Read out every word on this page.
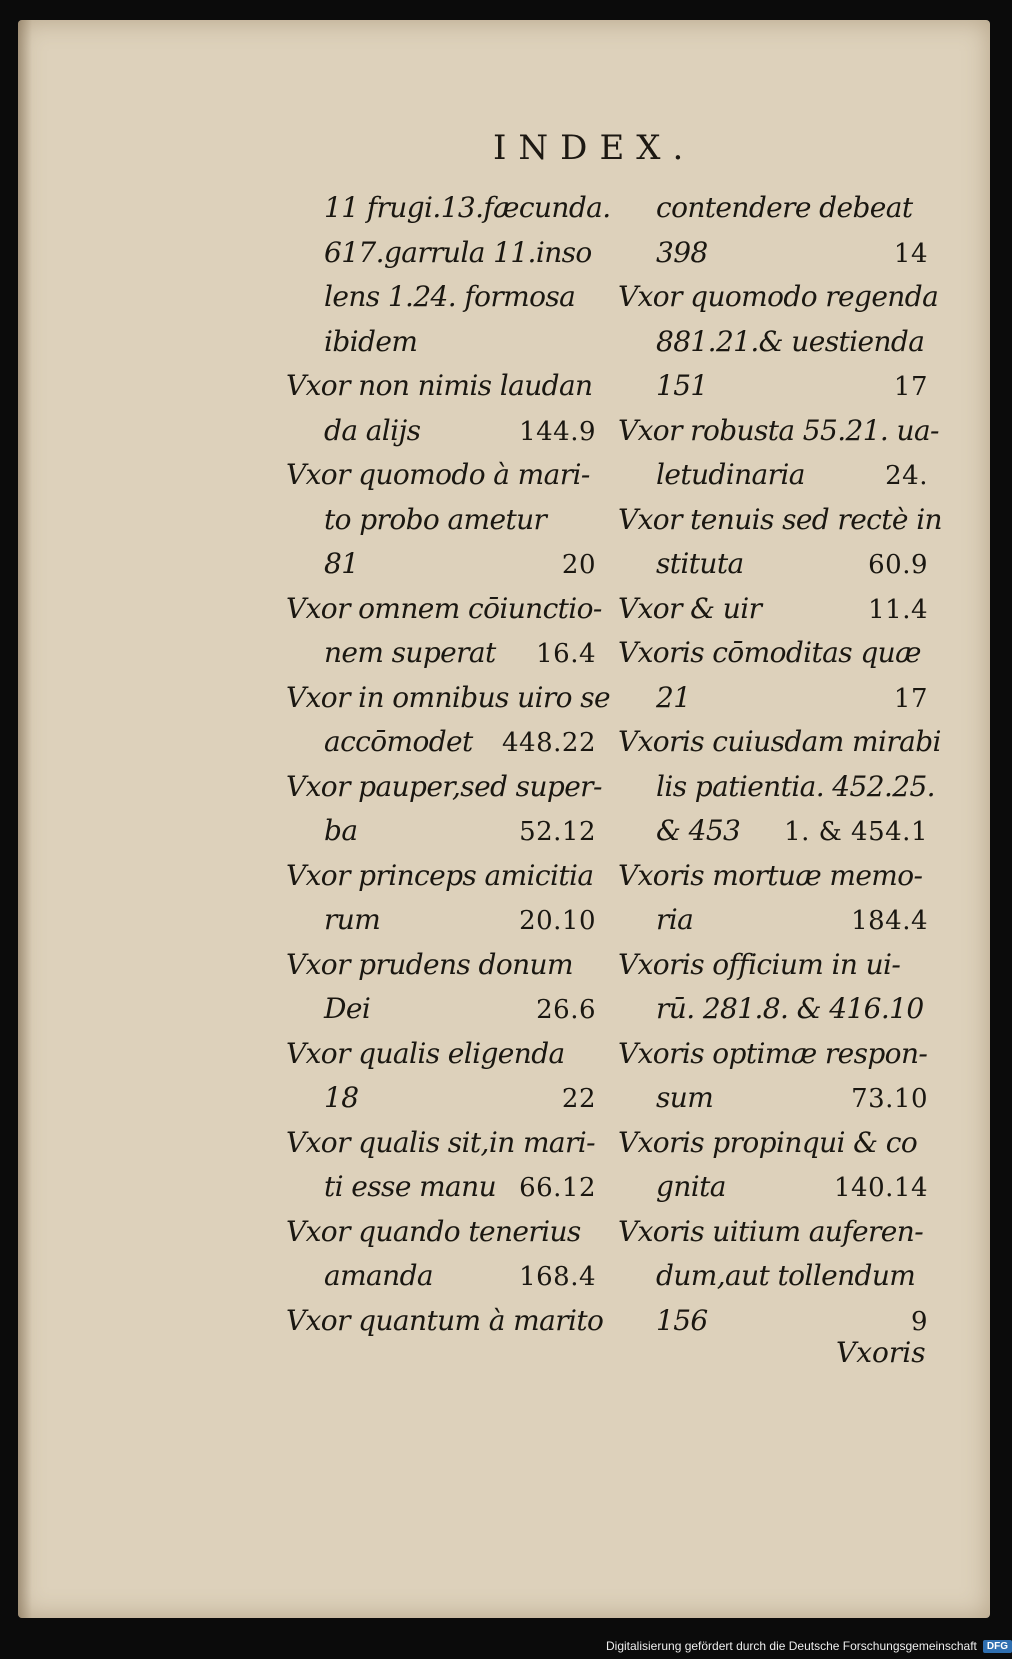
INDEX.
11 frugi.13.fæcunda.
617.garrula 11.inso
lens 1.24. formosa
ibidem
Vxor non nimis laudan
da alijs	144.9
Vxor quomodo à mari-
to probo ametur
81	20
Vxor omnem cōiunctio-
nem superat 16.4
Vxor in omnibus uiro se
accōmodet 448.22
Vxor pauper,sed super-
ba	52.12
Vxor princeps amicitia
rum	20.10
Vxor prudens donum
Dei	26.6
Vxor qualis eligenda
18	22
Vxor qualis sit,in mari-
ti esse manu 66.12
Vxor quando tenerius
amanda	168.4
Vxor quantum à marito
contendere debeat
398	14
Vxor quomodo regenda
881.21.& uestienda
151	17
Vxor robusta 55.21. ua-
letudinaria	24.
Vxor tenuis sed rectè in
stituta	60.9
Vxor & uir	11.4
Vxoris cōmoditas quæ
21	17
Vxoris cuiusdam mirabi
lis patientia. 452.25.
& 453 1. & 454.1
Vxoris mortuæ memo-
ria	184.4
Vxoris officium in ui-
rū. 281.8. & 416.10
Vxoris optimæ respon-
sum	73.10
Vxoris propinqui & co
gnita	140.14
Vxoris uitium auferen-
dum,aut tollendum
156	9
Vxoris
Digitalisierung gefördert durch die Deutsche Forschungsgemeinschaft	DFG
